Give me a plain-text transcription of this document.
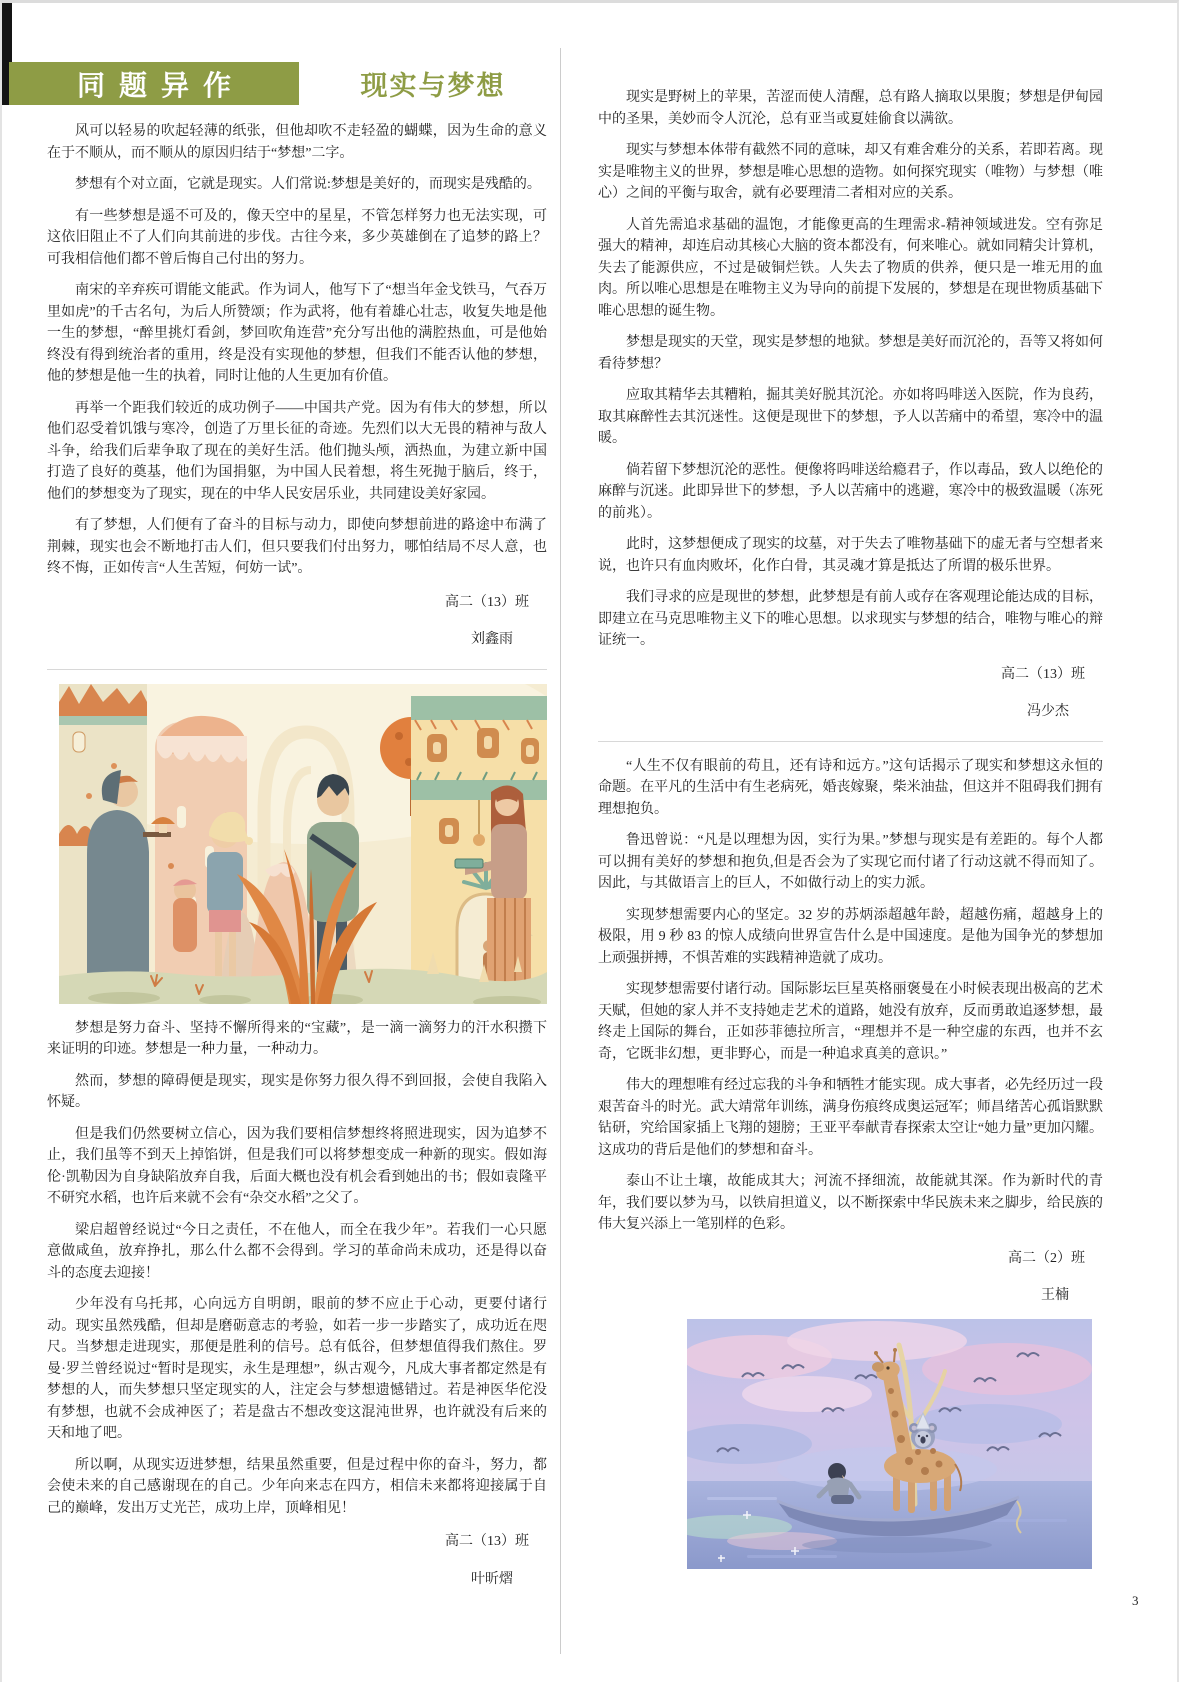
同题异作	现实与梦想

风可以轻易的吹起轻薄的纸张，但他却吹不走轻盈的蝴蝶，因为生命的意义在于不顺从，而不顺从的原因归结于“梦想”二字。

梦想有个对立面，它就是现实。人们常说:梦想是美好的，而现实是残酷的。

有一些梦想是遥不可及的，像天空中的星星，不管怎样努力也无法实现，可这依旧阻止不了人们向其前进的步伐。古往今来，多少英雄倒在了追梦的路上？可我相信他们都不曾后悔自己付出的努力。

南宋的辛弃疾可谓能文能武。作为词人，他写下了“想当年金戈铁马，气吞万里如虎”的千古名句，为后人所赞颂；作为武将，他有着雄心壮志，收复失地是他一生的梦想，“醉里挑灯看剑，梦回吹角连营”充分写出他的满腔热血，可是他始终没有得到统治者的重用，终是没有实现他的梦想，但我们不能否认他的梦想，他的梦想是他一生的执着，同时让他的人生更加有价值。

再举一个距我们较近的成功例子——中国共产党。因为有伟大的梦想，所以他们忍受着饥饿与寒冷，创造了万里长征的奇迹。先烈们以大无畏的精神与敌人斗争，给我们后辈争取了现在的美好生活。他们抛头颅，洒热血，为建立新中国打造了良好的奠基，他们为国捐躯，为中国人民着想，将生死抛于脑后，终于，他们的梦想变为了现实，现在的中华人民安居乐业，共同建设美好家园。

有了梦想，人们便有了奋斗的目标与动力，即使向梦想前进的路途中布满了荆棘，现实也会不断地打击人们，但只要我们付出努力，哪怕结局不尽人意，也终不悔，正如传言“人生苦短，何妨一试”。

高二（13）班
刘鑫雨

梦想是努力奋斗、坚持不懈所得来的“宝藏”，是一滴一滴努力的汗水积攒下来证明的印迹。梦想是一种力量，一种动力。

然而，梦想的障碍便是现实，现实是你努力很久得不到回报，会使自我陷入怀疑。

但是我们仍然要树立信心，因为我们要相信梦想终将照进现实，因为追梦不止，我们虽等不到天上掉馅饼，但是我们可以将梦想变成一种新的现实。假如海伦·凯勒因为自身缺陷放弃自我，后面大概也没有机会看到她出的书；假如袁隆平不研究水稻，也许后来就不会有“杂交水稻”之父了。

梁启超曾经说过“今日之责任，不在他人，而全在我少年”。若我们一心只愿意做咸鱼，放弃挣扎，那么什么都不会得到。学习的革命尚未成功，还是得以奋斗的态度去迎接！

少年没有乌托邦，心向远方自明朗，眼前的梦不应止于心动，更要付诸行动。现实虽然残酷，但却是磨砺意志的考验，如若一步一步踏实了，成功近在咫尺。当梦想走进现实，那便是胜利的信号。总有低谷，但梦想值得我们熬住。罗曼·罗兰曾经说过“暂时是现实，永生是理想”，纵古观今，凡成大事者都定然是有梦想的人，而失梦想只坚定现实的人，注定会与梦想遗憾错过。若是神医华佗没有梦想，也就不会成神医了；若是盘古不想改变这混沌世界，也许就没有后来的天和地了吧。

所以啊，从现实迈进梦想，结果虽然重要，但是过程中你的奋斗，努力，都会使未来的自己感谢现在的自己。少年向来志在四方，相信未来都将迎接属于自己的巅峰，发出万丈光芒，成功上岸，顶峰相见！

高二（13）班
叶昕熠

现实是野树上的苹果，苦涩而使人清醒，总有路人摘取以果腹；梦想是伊甸园中的圣果，美妙而令人沉沦，总有亚当或夏娃偷食以满欲。

现实与梦想本体带有截然不同的意味，却又有难舍难分的关系，若即若离。现实是唯物主义的世界，梦想是唯心思想的造物。如何探究现实（唯物）与梦想（唯心）之间的平衡与取舍，就有必要理清二者相对应的关系。

人首先需追求基础的温饱，才能像更高的生理需求-精神领域进发。空有弥足强大的精神，却连启动其核心大脑的资本都没有，何来唯心。就如同精尖计算机，失去了能源供应，不过是破铜烂铁。人失去了物质的供养，便只是一堆无用的血肉。所以唯心思想是在唯物主义为导向的前提下发展的，梦想是在现世物质基础下唯心思想的诞生物。

梦想是现实的天堂，现实是梦想的地狱。梦想是美好而沉沦的，吾等又将如何看待梦想？

应取其精华去其糟粕，掘其美好脱其沉沦。亦如将吗啡送入医院，作为良药，取其麻醉性去其沉迷性。这便是现世下的梦想，予人以苦痛中的希望，寒冷中的温暖。

倘若留下梦想沉沦的恶性。便像将吗啡送给瘾君子，作以毒品，致人以绝伦的麻醉与沉迷。此即异世下的梦想，予人以苦痛中的逃避，寒冷中的极致温暖（冻死的前兆）。

此时，这梦想便成了现实的坟墓，对于失去了唯物基础下的虚无者与空想者来说，也许只有血肉败坏，化作白骨，其灵魂才算是抵达了所谓的极乐世界。

我们寻求的应是现世的梦想，此梦想是有前人或存在客观理论能达成的目标，即建立在马克思唯物主义下的唯心思想。以求现实与梦想的结合，唯物与唯心的辩证统一。

高二（13）班
冯少杰

“人生不仅有眼前的苟且，还有诗和远方。”这句话揭示了现实和梦想这永恒的命题。在平凡的生活中有生老病死，婚丧嫁聚，柴米油盐，但这并不阻碍我们拥有理想抱负。

鲁迅曾说：“凡是以理想为因，实行为果。”梦想与现实是有差距的。每个人都可以拥有美好的梦想和抱负,但是否会为了实现它而付诸了行动这就不得而知了。因此，与其做语言上的巨人，不如做行动上的实力派。

实现梦想需要内心的坚定。32 岁的苏炳添超越年龄，超越伤痛，超越身上的极限，用 9 秒 83 的惊人成绩向世界宣告什么是中国速度。是他为国争光的梦想加上顽强拼搏，不惧苦难的实践精神造就了成功。

实现梦想需要付诸行动。国际影坛巨星英格丽褒曼在小时候表现出极高的艺术天赋，但她的家人并不支持她走艺术的道路，她没有放弃，反而勇敢追逐梦想，最终走上国际的舞台，正如莎菲德拉所言，“理想并不是一种空虚的东西，也并不玄奇，它既非幻想，更非野心，而是一种追求真美的意识。”

伟大的理想唯有经过忘我的斗争和牺牲才能实现。成大事者，必先经历过一段艰苦奋斗的时光。武大靖常年训练，满身伤痕终成奥运冠军；师昌绪苦心孤诣默默钻研，究给国家插上飞翔的翅膀；王亚平奉献青春探索太空让“她力量”更加闪耀。这成功的背后是他们的梦想和奋斗。

泰山不让土壤，故能成其大；河流不择细流，故能就其深。作为新时代的青年，我们要以梦为马，以铁肩担道义，以不断探索中华民族未来之脚步，给民族的伟大复兴添上一笔别样的色彩。

高二（2）班
王楠
3
